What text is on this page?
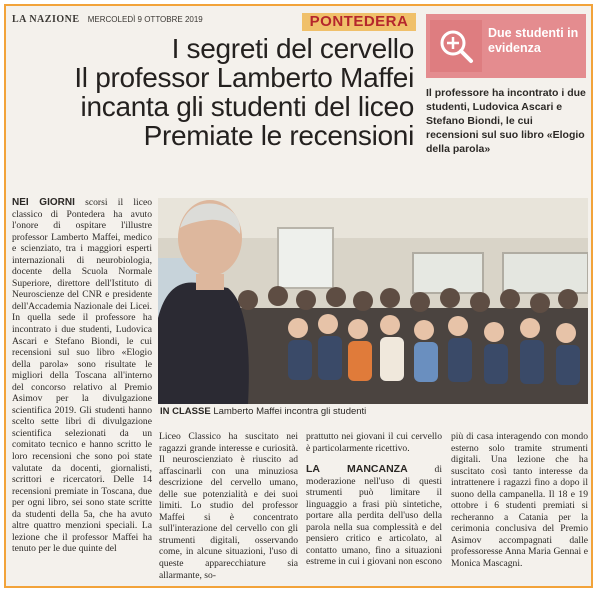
LA NAZIONE MERCOLEDÌ 9 OTTOBRE 2019	PONTEDERA
I segreti del cervello
Il professor Lamberto Maffei
incanta gli studenti del liceo
Premiate le recensioni
Due studenti in evidenza
Il professore ha incontrato i due studenti, Ludovica Ascari e Stefano Biondi, le cui recensioni sul suo libro «Elogio della parola»
IN CLASSE Lamberto Maffei incontra gli studenti
NEI GIORNI scorsi il liceo classico di Pontedera ha avuto l'onore di ospitare l'illustre professor Lamberto Maffei, medico e scienziato, tra i maggiori esperti internazionali di neurobiologia, docente della Scuola Normale Superiore, direttore dell'Istituto di Neuroscienze del CNR e presidente dell'Accademia Nazionale dei Licei. In quella sede il professore ha incontrato i due studenti, Ludovica Ascari e Stefano Biondi, le cui recensioni sul suo libro «Elogio della parola» sono risultate le migliori della Toscana all'interno del concorso relativo al Premio Asimov per la divulgazione scientifica 2019. Gli studenti hanno scelto sette libri di divulgazione scientifica selezionati da un comitato tecnico e hanno scritto le loro recensioni che sono poi state valutate da docenti, giornalisti, scrittori e ricercatori. Delle 14 recensioni premiate in Toscana, due per ogni libro, sei sono state scritte da studenti della 5a, che ha avuto altre quattro menzioni speciali. La lezione che il professor Maffei ha tenuto per le due quinte del
Liceo Classico ha suscitato nei ragazzi grande interesse e curiosità. Il neuroscienziato è riuscito ad affascinarli con una minuziosa descrizione del cervello umano, delle sue potenzialità e dei suoi limiti. Lo studio del professor Maffei si è concentrato sull'interazione del cervello con gli strumenti digitali, osservando come, in alcune situazioni, l'uso di queste apparecchiature sia allarmante, so-
prattutto nei giovani il cui cervello è particolarmente ricettivo.
LA MANCANZA	di moderazione nell'uso di questi strumenti può limitare il linguaggio a frasi più sintetiche, portare alla perdita dell'uso della parola nella sua complessità e del pensiero critico e articolato, al contatto umano, fino a situazioni estreme in cui i giovani non escono
più di casa interagendo con mondo esterno solo tramite strumenti digitali. Una lezione che ha suscitato così tanto interesse da intrattenere i ragazzi fino a dopo il suono della campanella. Il 18 e 19 ottobre i 6 studenti premiati si recheranno a Catania per la cerimonia conclusiva del Premio Asimov accompagnati dalle professoresse Anna Maria Gennai e Monica Mascagni.
